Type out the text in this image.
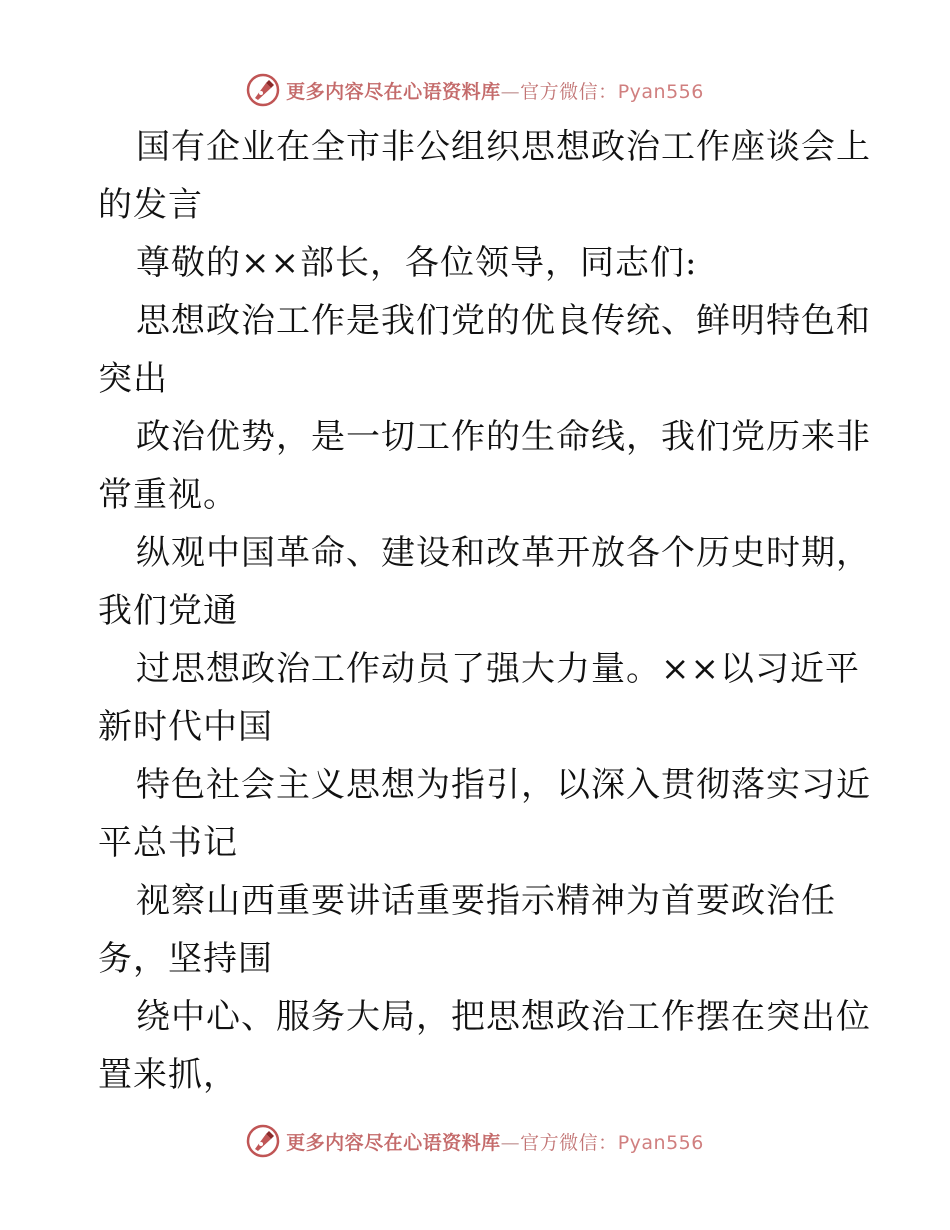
更多内容尽在心语资料库—官方微信：Pyan556
国有企业在全市非公组织思想政治工作座谈会上
的发言
尊敬的××部长，各位领导，同志们:
思想政治工作是我们党的优良传统、鲜明特色和
突出
政治优势，是一切工作的生命线，我们党历来非
常重视。
纵观中国革命、建设和改革开放各个历史时期，
我们党通
过思想政治工作动员了强大力量。××以习近平
新时代中国
特色社会主义思想为指引，以深入贯彻落实习近
平总书记
视察山西重要讲话重要指示精神为首要政治任
务，坚持围
绕中心、服务大局，把思想政治工作摆在突出位
置来抓，
更多内容尽在心语资料库—官方微信：Pyan556
